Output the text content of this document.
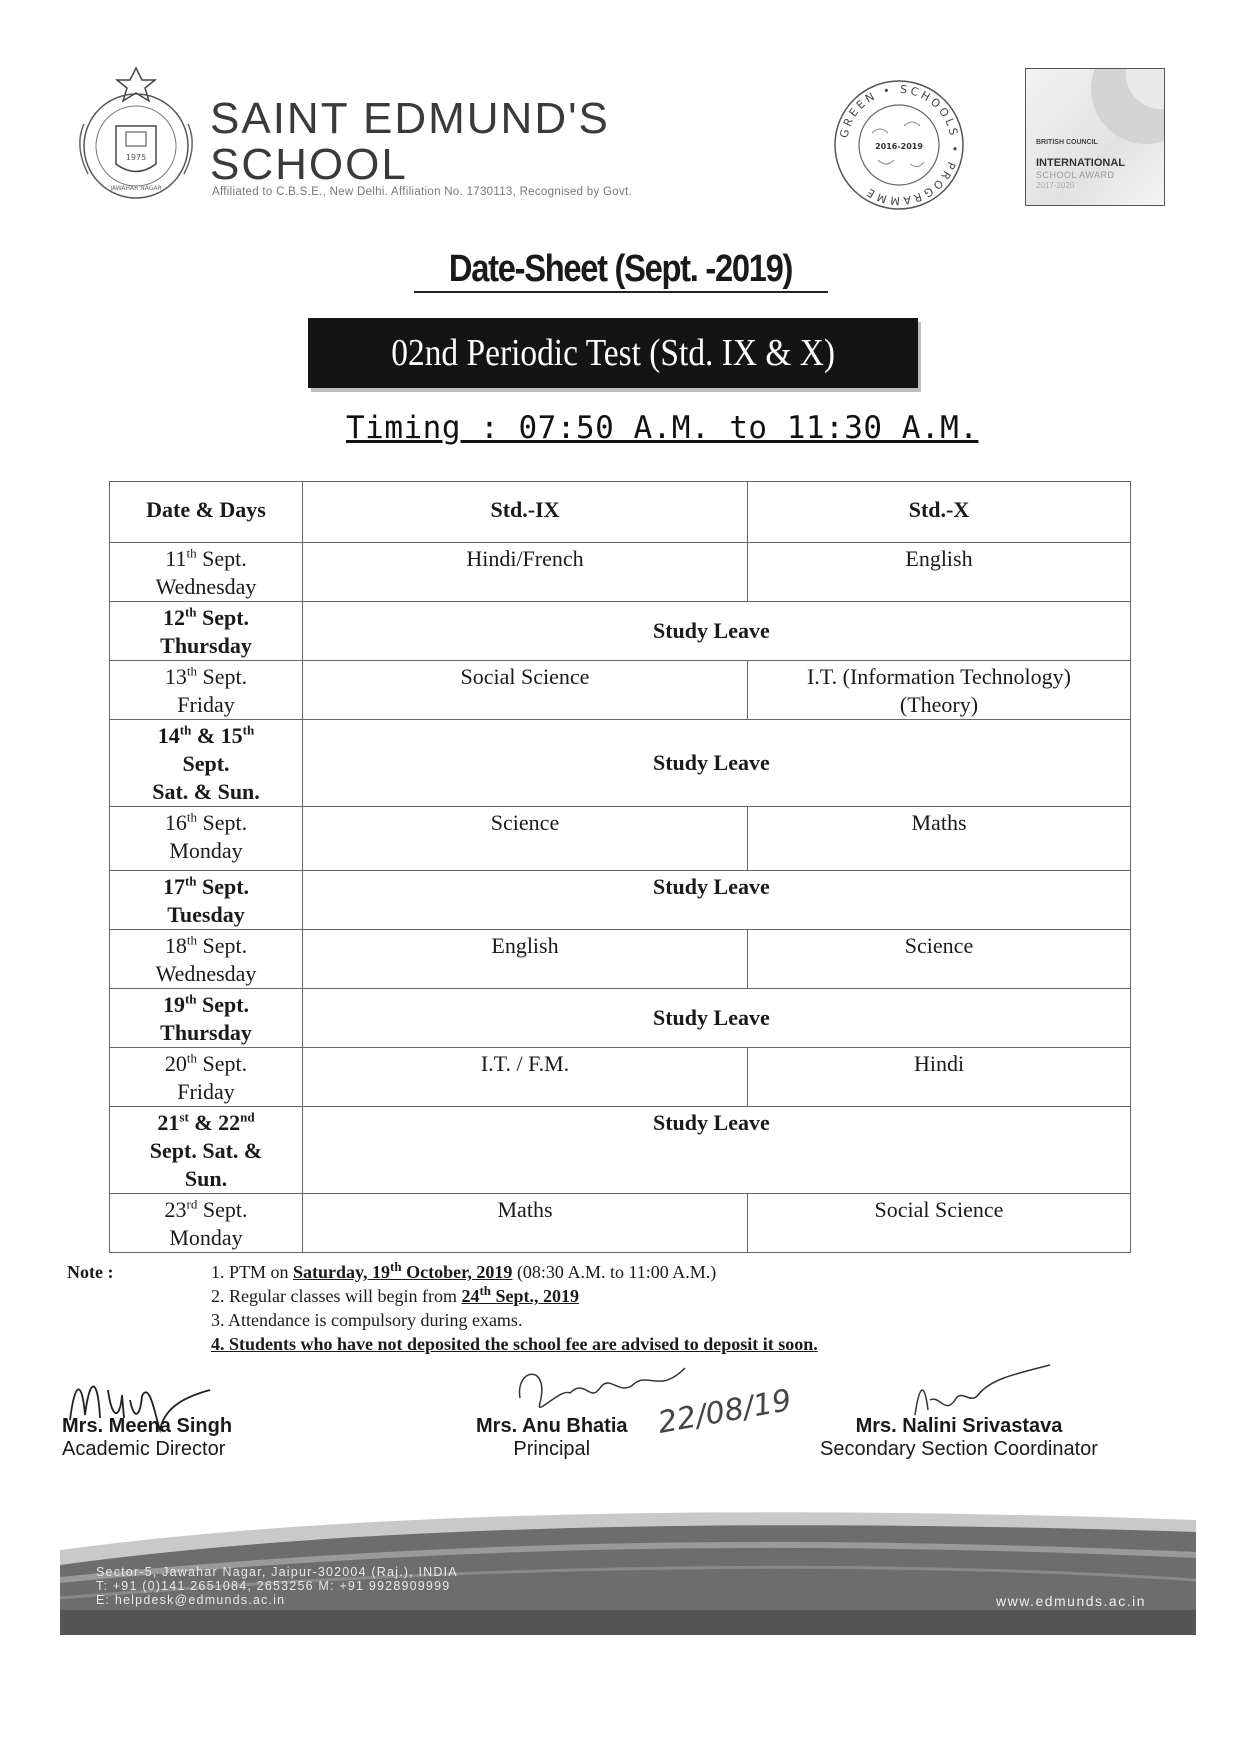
1975
JAWAHAR NAGAR
SAINT EDMUND'S
SCHOOL
Affiliated to C.B.S.E., New Delhi. Affiliation No. 1730113, Recognised by Govt.
GREEN • SCHOOLS • PROGRAMME
2016-2019	BRITISH COUNCIL
INTERNATIONAL
SCHOOL AWARD
2017-2020
Date-Sheet (Sept. -2019)
02nd Periodic Test (Std. IX & X)
Timing : 07:50 A.M. to 11:30 A.M.
Date & Days	Std.-IX	Std.-X
11th Sept.
Wednesday	Hindi/French	English
12th Sept.
Thursday	Study Leave	
13th Sept.
Friday	Social Science	I.T. (Information Technology)
(Theory)
14th & 15th
Sept.
Sat. & Sun.	Study Leave	
16th Sept.
Monday	Science	Maths
17th Sept.
Tuesday	Study Leave	
18th Sept.
Wednesday	English	Science
19th Sept.
Thursday	Study Leave	
20th Sept.
Friday	I.T. / F.M.	Hindi
21st & 22nd
Sept. Sat. &
Sun.	Study Leave	
23rd Sept.
Monday	Maths	Social Science
Note :	1. PTM on Saturday, 19th October, 2019 (08:30 A.M. to 11:00 A.M.)
2. Regular classes will begin from 24th Sept., 2019
3. Attendance is compulsory during exams.
4. Students who have not deposited the school fee are advised to deposit it soon.
Mrs. Meena Singh
Academic Director
22/08/19
Mrs. Anu Bhatia
Principal
Mrs. Nalini Srivastava
Secondary Section Coordinator
Sector-5, Jawahar Nagar, Jaipur-302004 (Raj.), INDIA
T: +91 (0)141 2651084, 2653256 M: +91 9928909999
E: helpdesk@edmunds.ac.in	www.edmunds.ac.in
